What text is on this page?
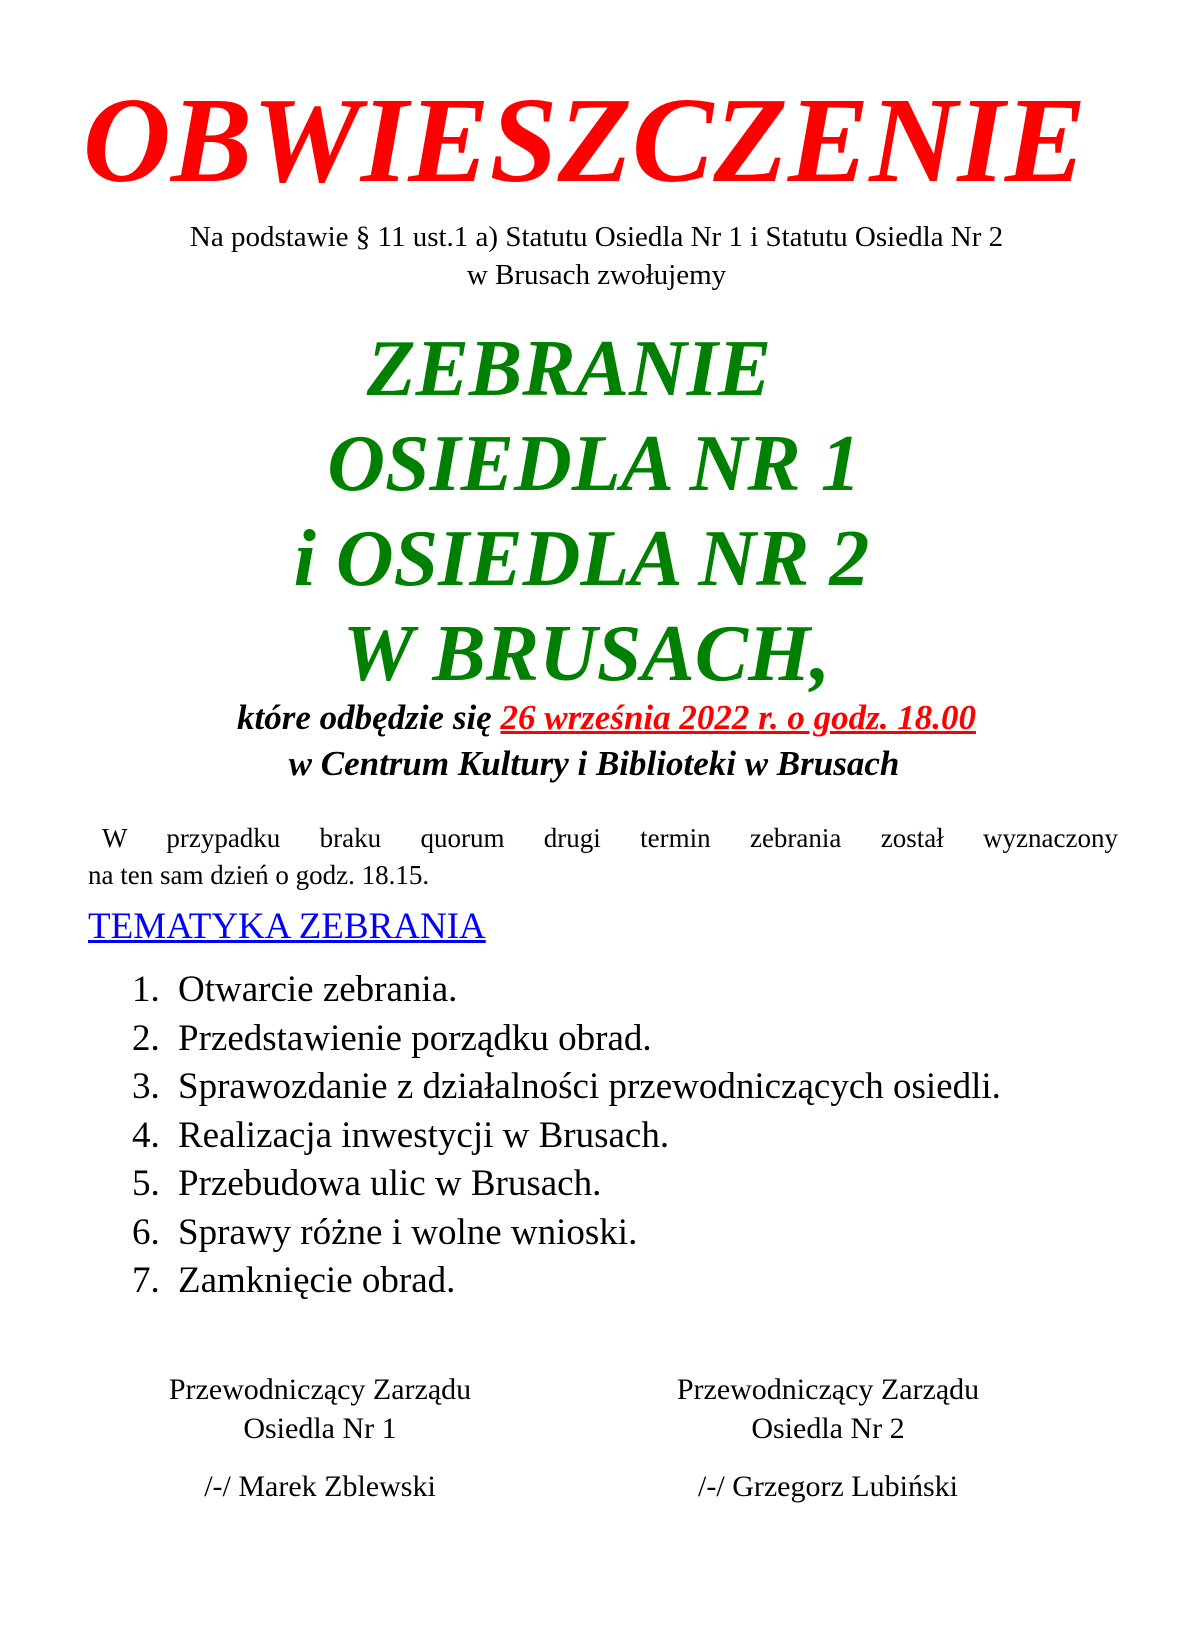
OBWIESZCZENIE
Na podstawie § 11 ust.1 a) Statutu Osiedla Nr 1 i Statutu Osiedla Nr 2
w Brusach zwołujemy
ZEBRANIE
OSIEDLA NR 1
i OSIEDLA NR 2
W BRUSACH,
które odbędzie się 26 września 2022 r. o godz. 18.00
w Centrum Kultury i Biblioteki w Brusach
W przypadku braku quorum drugi termin zebrania został wyznaczony
na ten sam dzień o godz. 18.15.
TEMATYKA ZEBRANIA
1. Otwarcie zebrania.
2. Przedstawienie porządku obrad.
3. Sprawozdanie z działalności przewodniczących osiedli.
4. Realizacja inwestycji w Brusach.
5. Przebudowa ulic w Brusach.
6. Sprawy różne i wolne wnioski.
7. Zamknięcie obrad.
Przewodniczący Zarządu
Osiedla Nr 1
/-/ Marek Zblewski
Przewodniczący Zarządu
Osiedla Nr 2
/-/ Grzegorz Lubiński
